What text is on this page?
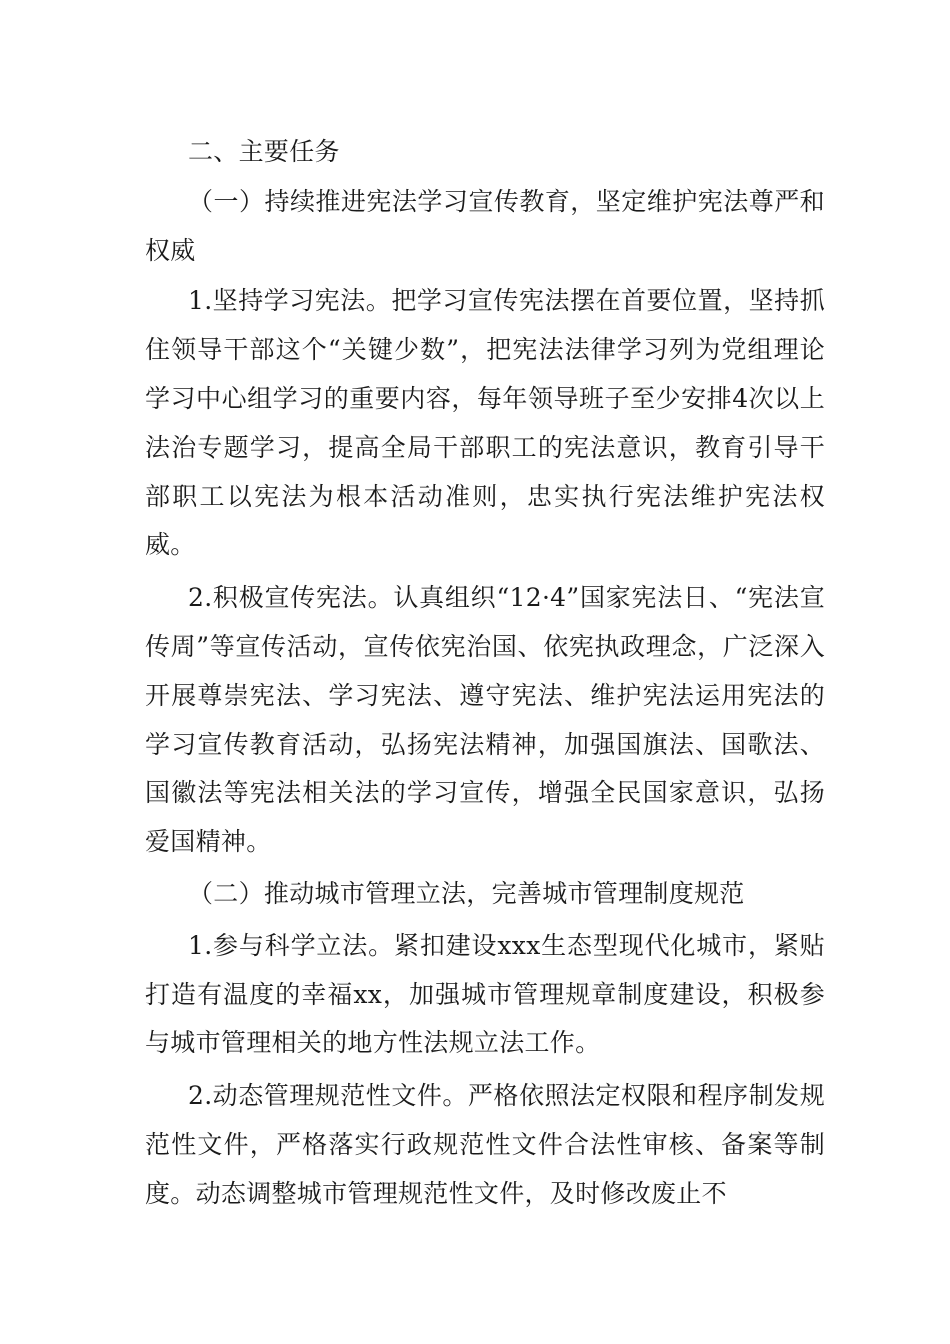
二、主要任务

（一）持续推进宪法学习宣传教育，坚定维护宪法尊严和权威

1.坚持学习宪法。把学习宣传宪法摆在首要位置，坚持抓住领导干部这个“关键少数”，把宪法法律学习列为党组理论学习中心组学习的重要内容，每年领导班子至少安排4次以上法治专题学习，提高全局干部职工的宪法意识，教育引导干部职工以宪法为根本活动准则，忠实执行宪法维护宪法权威。

2.积极宣传宪法。认真组织“12·4”国家宪法日、“宪法宣传周”等宣传活动，宣传依宪治国、依宪执政理念，广泛深入开展尊崇宪法、学习宪法、遵守宪法、维护宪法运用宪法的学习宣传教育活动，弘扬宪法精神，加强国旗法、国歌法、国徽法等宪法相关法的学习宣传，增强全民国家意识，弘扬爱国精神。

（二）推动城市管理立法，完善城市管理制度规范

1.参与科学立法。紧扣建设xxx生态型现代化城市，紧贴打造有温度的幸福xx，加强城市管理规章制度建设，积极参与城市管理相关的地方性法规立法工作。

2.动态管理规范性文件。严格依照法定权限和程序制发规范性文件，严格落实行政规范性文件合法性审核、备案等制度。动态调整城市管理规范性文件，及时修改废止不
